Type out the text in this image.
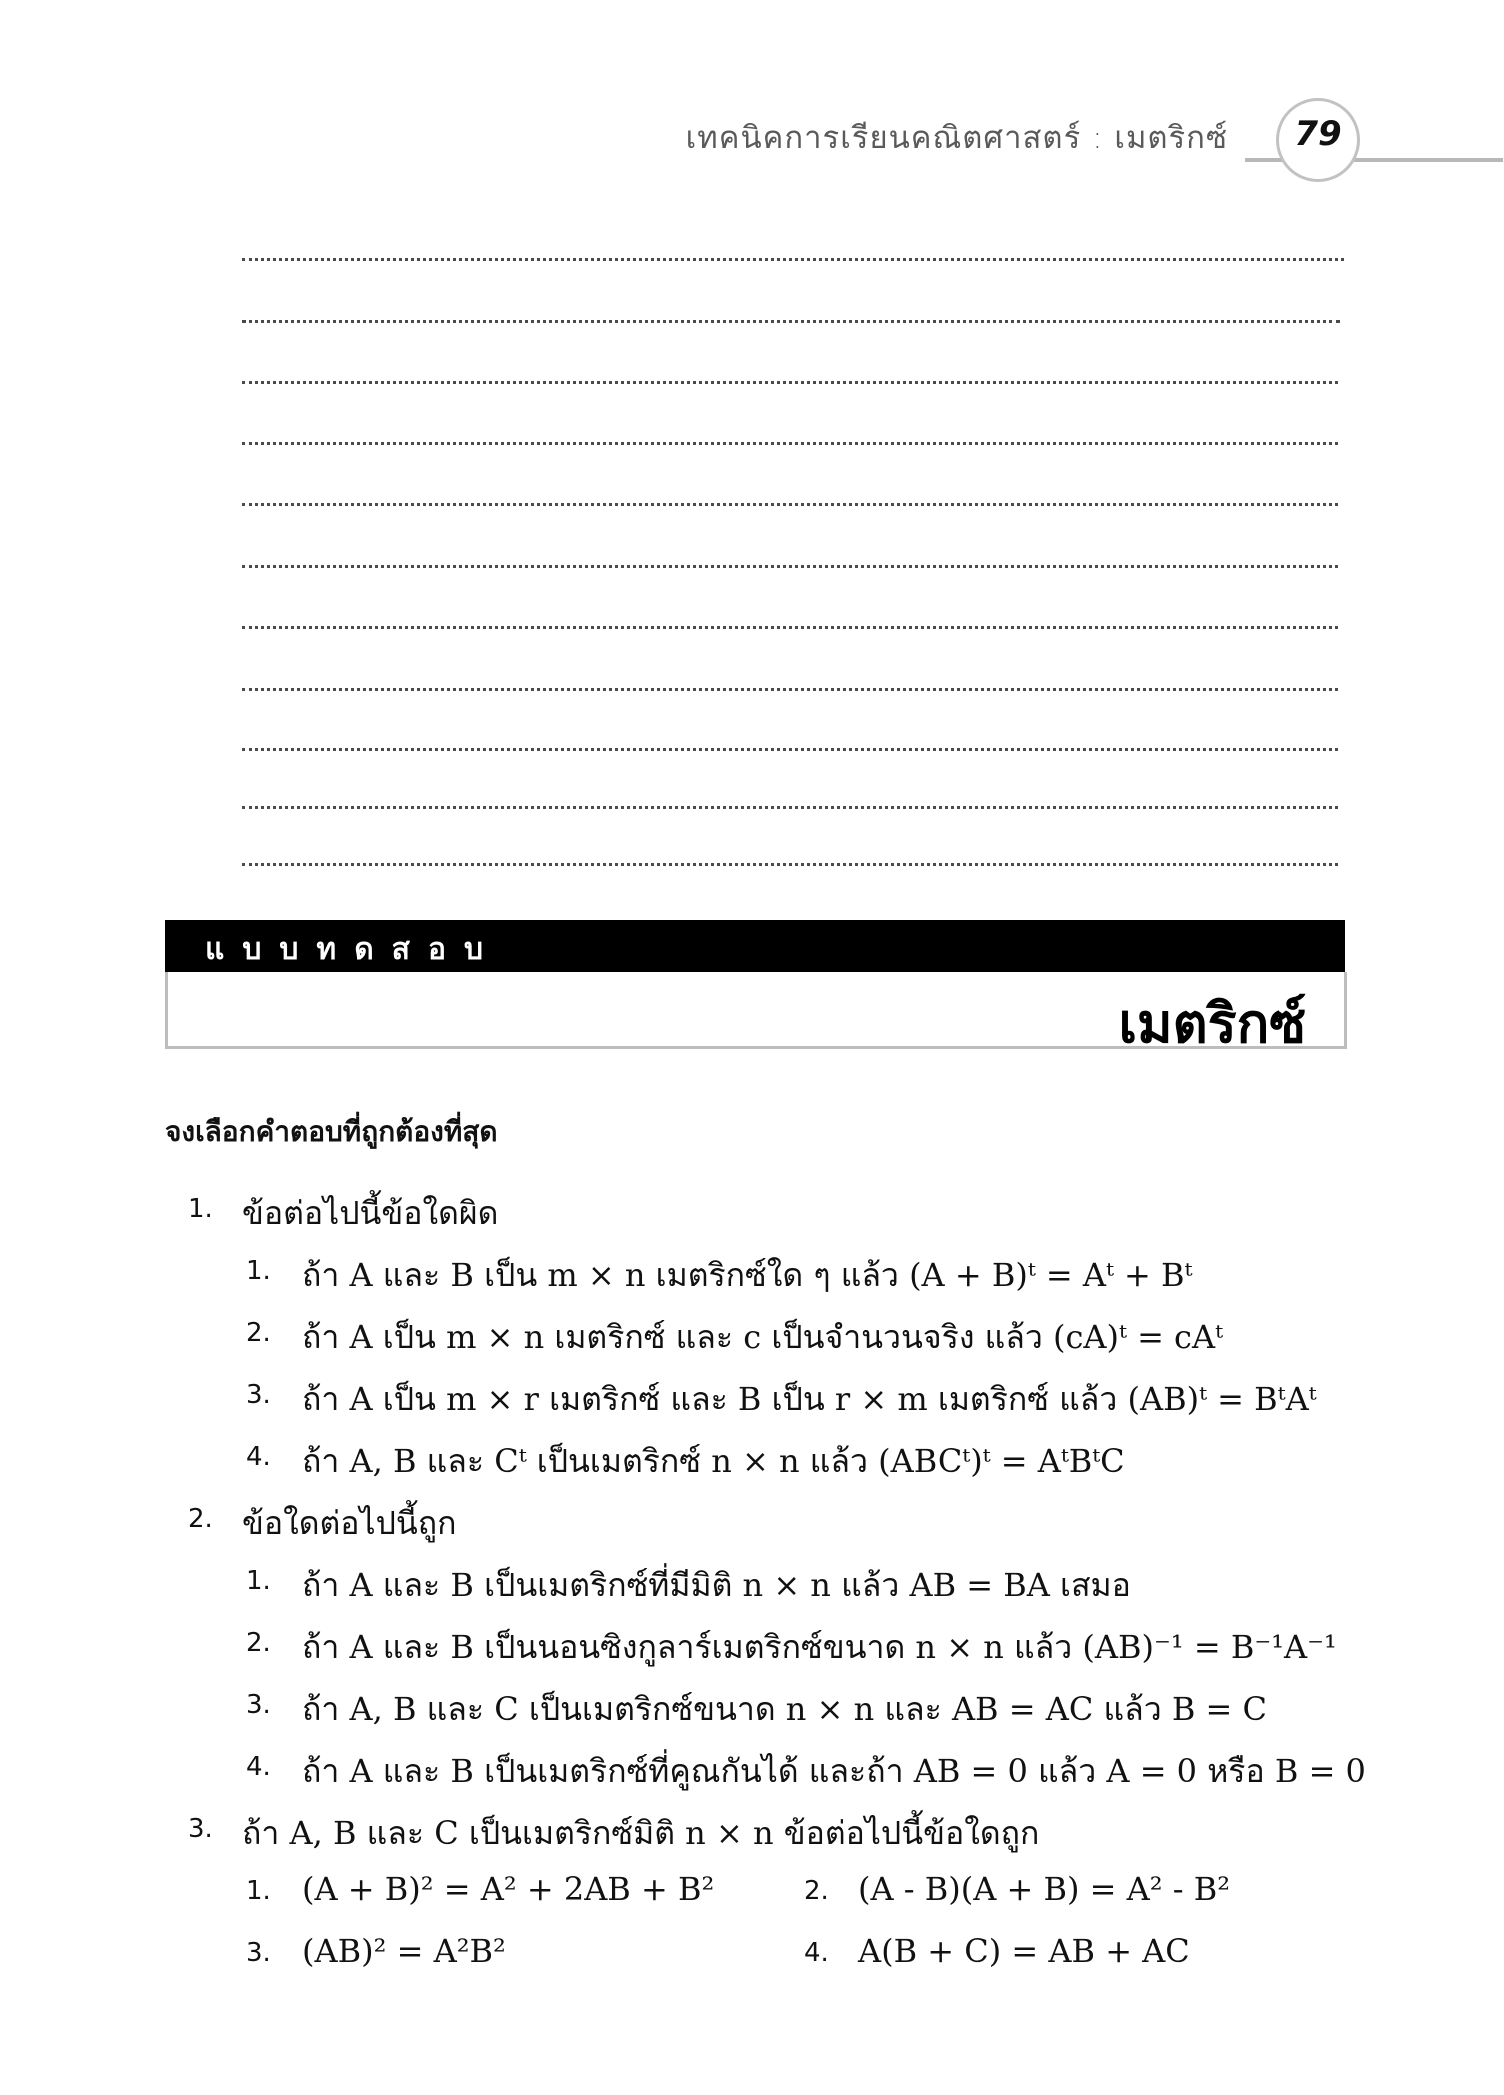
เทคนิคการเรียนคณิตศาสตร์ : เมตริกซ์	79
แบบทดสอบ
เมตริกซ์
จงเลือกคำตอบที่ถูกต้องที่สุด
1. ข้อต่อไปนี้ข้อใดผิด
1. ถ้า A และ B เป็น m × n เมตริกซ์ใด ๆ แล้ว (A + B)ᵗ = Aᵗ + Bᵗ
2. ถ้า A เป็น m × n เมตริกซ์ และ c เป็นจำนวนจริง แล้ว (cA)ᵗ = cAᵗ
3. ถ้า A เป็น m × r เมตริกซ์ และ B เป็น r × m เมตริกซ์ แล้ว (AB)ᵗ = BᵗAᵗ
4. ถ้า A, B และ Cᵗ เป็นเมตริกซ์ n × n แล้ว (ABCᵗ)ᵗ = AᵗBᵗC
2. ข้อใดต่อไปนี้ถูก
1. ถ้า A และ B เป็นเมตริกซ์ที่มีมิติ n × n แล้ว AB = BA เสมอ
2. ถ้า A และ B เป็นนอนซิงกูลาร์เมตริกซ์ขนาด n × n แล้ว (AB)⁻¹ = B⁻¹A⁻¹
3. ถ้า A, B และ C เป็นเมตริกซ์ขนาด n × n และ AB = AC แล้ว B = C
4. ถ้า A และ B เป็นเมตริกซ์ที่คูณกันได้ และถ้า AB = 0 แล้ว A = 0 หรือ B = 0
3. ถ้า A, B และ C เป็นเมตริกซ์มิติ n × n ข้อต่อไปนี้ข้อใดถูก
1. (A + B)² = A² + 2AB + B²	2. (A - B)(A + B) = A² - B²
3. (AB)² = A²B²	4. A(B + C) = AB + AC
